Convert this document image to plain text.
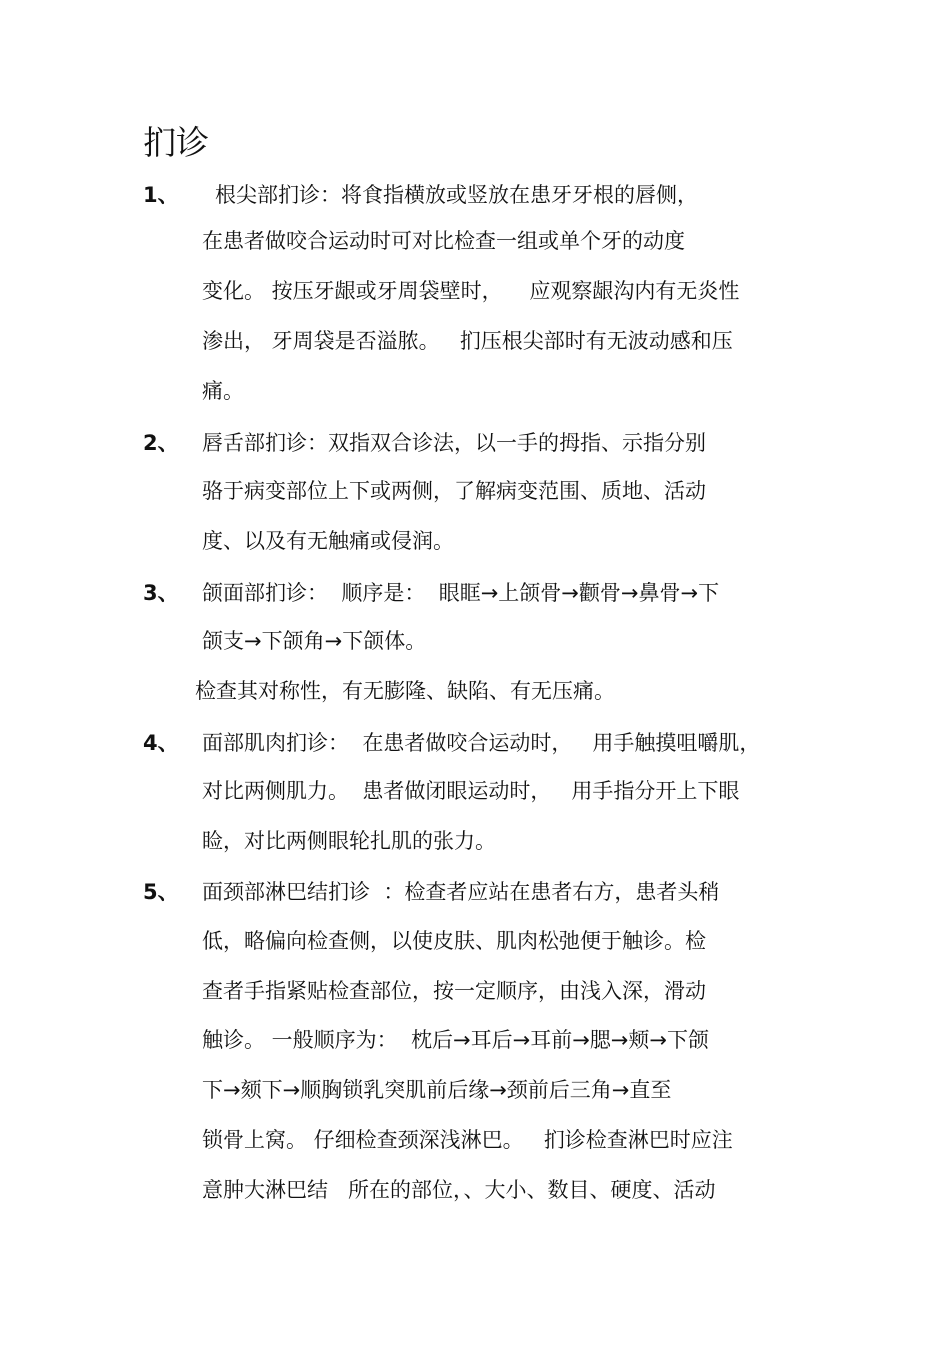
扪诊
1、 根尖部扪诊：将食指横放或竖放在患牙牙根的唇侧，
在患者做咬合运动时可对比检查一组或单个牙的动度
变化。 按压牙龈或牙周袋壁时，    应观察龈沟内有无炎性
渗出， 牙周袋是否溢脓。   扪压根尖部时有无波动感和压
痛。
2、 唇舌部扪诊：双指双合诊法，以一手的拇指、示指分别
骆于病变部位上下或两侧，了解病变范围、质地、活动
度、以及有无触痛或侵润。
3、 颌面部扪诊：  顺序是：  眼眶→上颌骨→颧骨→鼻骨→下
颌支→下颌角→下颌体。
检查其对称性，有无膨隆、缺陷、有无压痛。
4、 面部肌肉扪诊：  在患者做咬合运动时，   用手触摸咀嚼肌，
对比两侧肌力。  患者做闭眼运动时，   用手指分开上下眼
睑，对比两侧眼轮扎肌的张力。
5、 面颈部淋巴结扪诊  ：检查者应站在患者右方，患者头稍
低，略偏向检查侧，以使皮肤、肌肉松弛便于触诊。检
查者手指紧贴检查部位，按一定顺序，由浅入深，滑动
触诊。 一般顺序为：  枕后→耳后→耳前→腮→颊→下颌
下→颏下→顺胸锁乳突肌前后缘→颈前后三角→直至
锁骨上窝。 仔细检查颈深浅淋巴。   扪诊检查淋巴时应注
意肿大淋巴结   所在的部位，、大小、数目、硬度、活动
